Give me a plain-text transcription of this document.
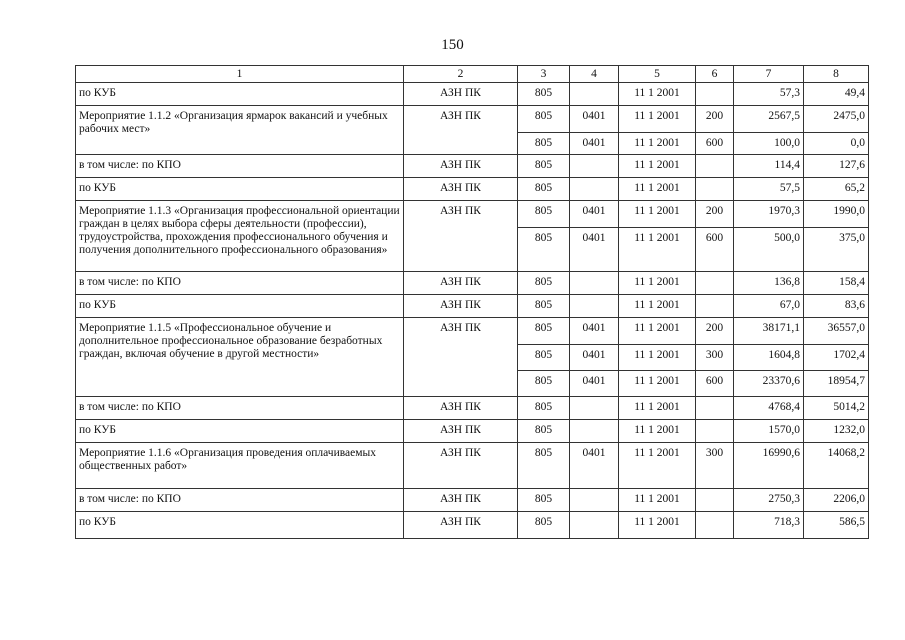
150
1	2	3	4	5	6	7	8
по КУБ	АЗН ПК	805		11 1 2001		57,3	49,4
Мероприятие 1.1.2 «Организация ярмарок вакансий и учебных рабочих мест»	АЗН ПК	805	0401	11 1 2001	200	2567,5	2475,0
		805	0401	11 1 2001	600	100,0	0,0
в том числе: по КПО	АЗН ПК	805		11 1 2001		114,4	127,6
по КУБ	АЗН ПК	805		11 1 2001		57,5	65,2
Мероприятие 1.1.3 «Организация профессиональной ориентации граждан в целях выбора сферы деятельности (профессии), трудоустройства, прохождения профессионального обучения и получения дополнительного профессионального образования»	АЗН ПК	805	0401	11 1 2001	200	1970,3	1990,0
		805	0401	11 1 2001	600	500,0	375,0
в том числе: по КПО	АЗН ПК	805		11 1 2001		136,8	158,4
по КУБ	АЗН ПК	805		11 1 2001		67,0	83,6
Мероприятие 1.1.5 «Профессиональное обучение и дополнительное профессиональное образование безработных граждан, включая обучение в другой местности»	АЗН ПК	805	0401	11 1 2001	200	38171,1	36557,0
		805	0401	11 1 2001	300	1604,8	1702,4
		805	0401	11 1 2001	600	23370,6	18954,7
в том числе: по КПО	АЗН ПК	805		11 1 2001		4768,4	5014,2
по КУБ	АЗН ПК	805		11 1 2001		1570,0	1232,0
Мероприятие 1.1.6 «Организация проведения оплачиваемых общественных работ»	АЗН ПК	805	0401	11 1 2001	300	16990,6	14068,2
в том числе: по КПО	АЗН ПК	805		11 1 2001		2750,3	2206,0
по КУБ	АЗН ПК	805		11 1 2001		718,3	586,5
